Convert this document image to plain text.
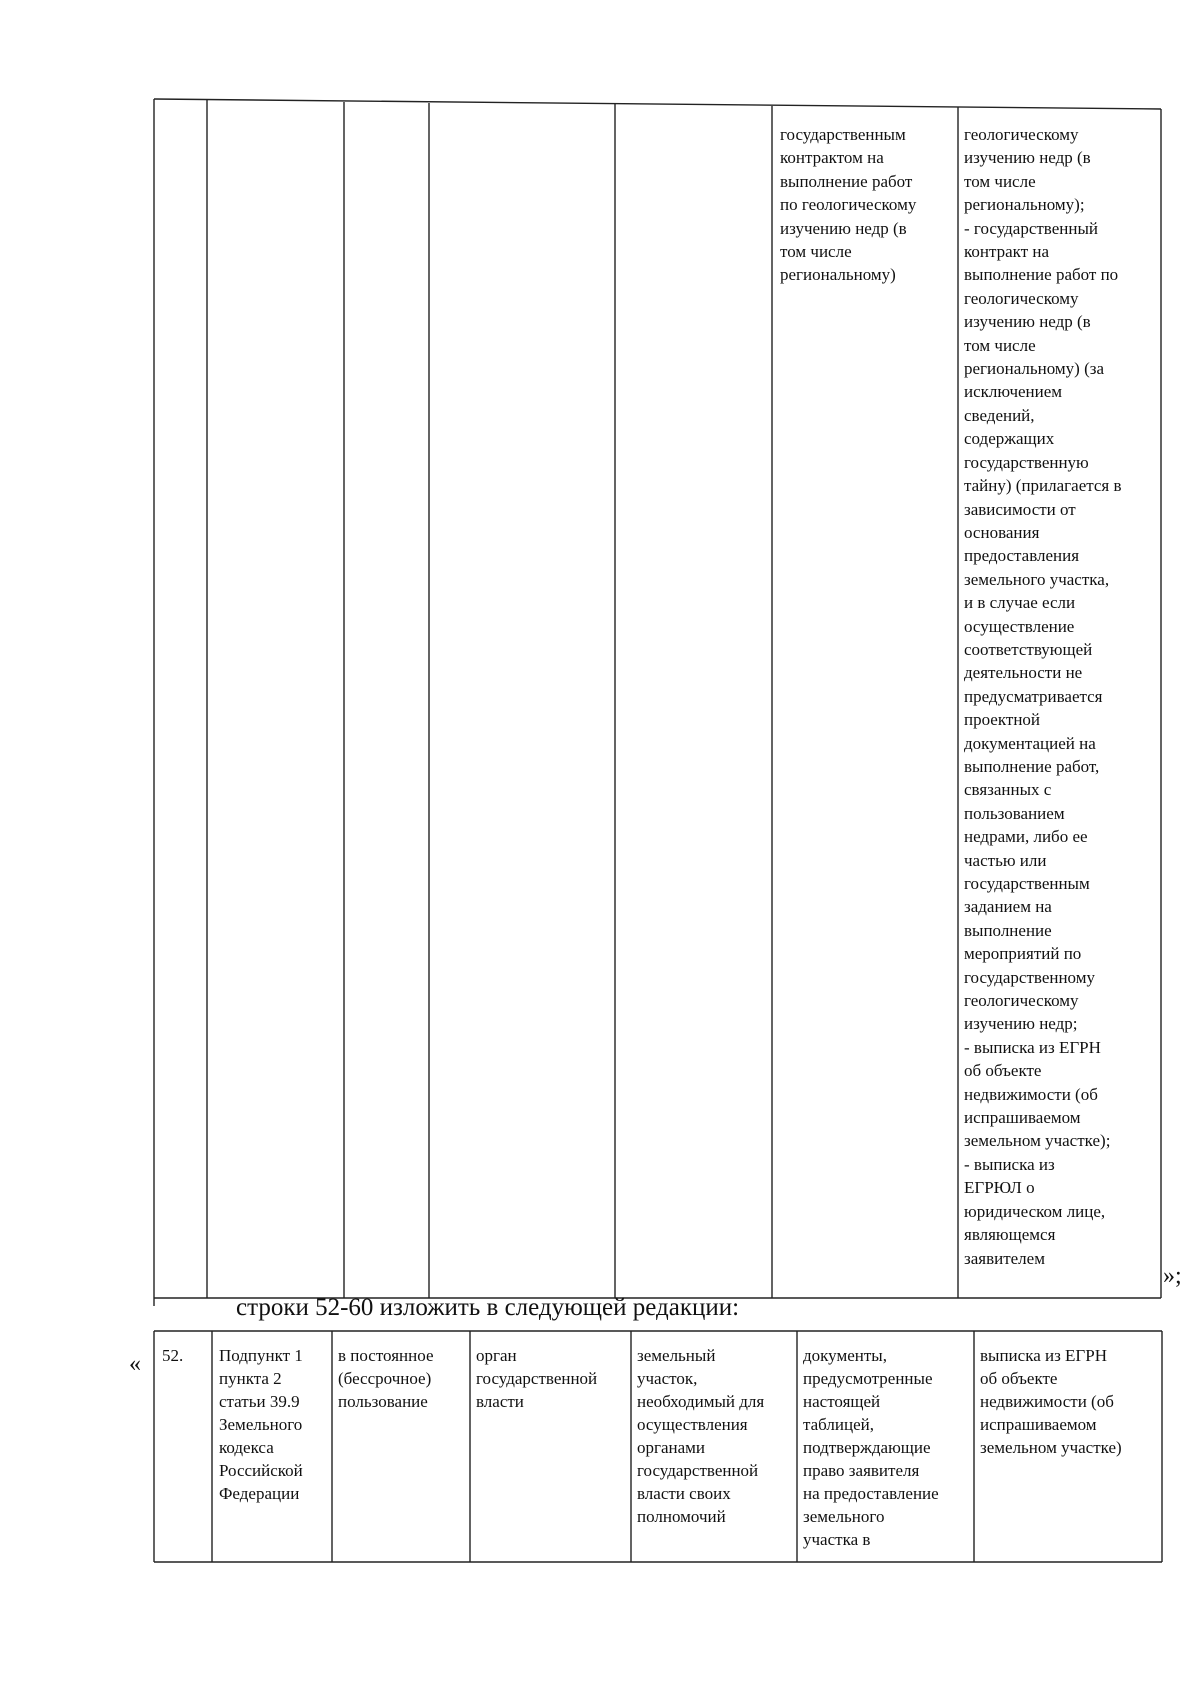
государственным
контрактом на
выполнение работ
по геологическому
изучению недр (в
том числе
региональному)
геологическому
изучению недр (в
том числе
региональному);
- государственный
контракт на
выполнение работ по
геологическому
изучению недр (в
том числе
региональному) (за
исключением
сведений,
содержащих
государственную
тайну) (прилагается в
зависимости от
основания
предоставления
земельного участка,
и в случае если
осуществление
соответствующей
деятельности не
предусматривается
проектной
документацией на
выполнение работ,
связанных с
пользованием
недрами, либо ее
частью или
государственным
заданием на
выполнение
мероприятий по
государственному
геологическому
изучению недр;
- выписка из ЕГРН
об объекте
недвижимости (об
испрашиваемом
земельном участке);
- выписка из
ЕГРЮЛ о
юридическом лице,
являющемся
заявителем
»;
строки 52-60 изложить в следующей редакции:
« 52. Подпункт 1
пункта 2
статьи 39.9
Земельного
кодекса
Российской
Федерации
в постоянное
(бессрочное)
пользование
орган
государственной
власти
земельный
участок,
необходимый для
осуществления
органами
государственной
власти своих
полномочий
документы,
предусмотренные
настоящей
таблицей,
подтверждающие
право заявителя
на предоставление
земельного
участка в
выписка из ЕГРН
об объекте
недвижимости (об
испрашиваемом
земельном участке)
